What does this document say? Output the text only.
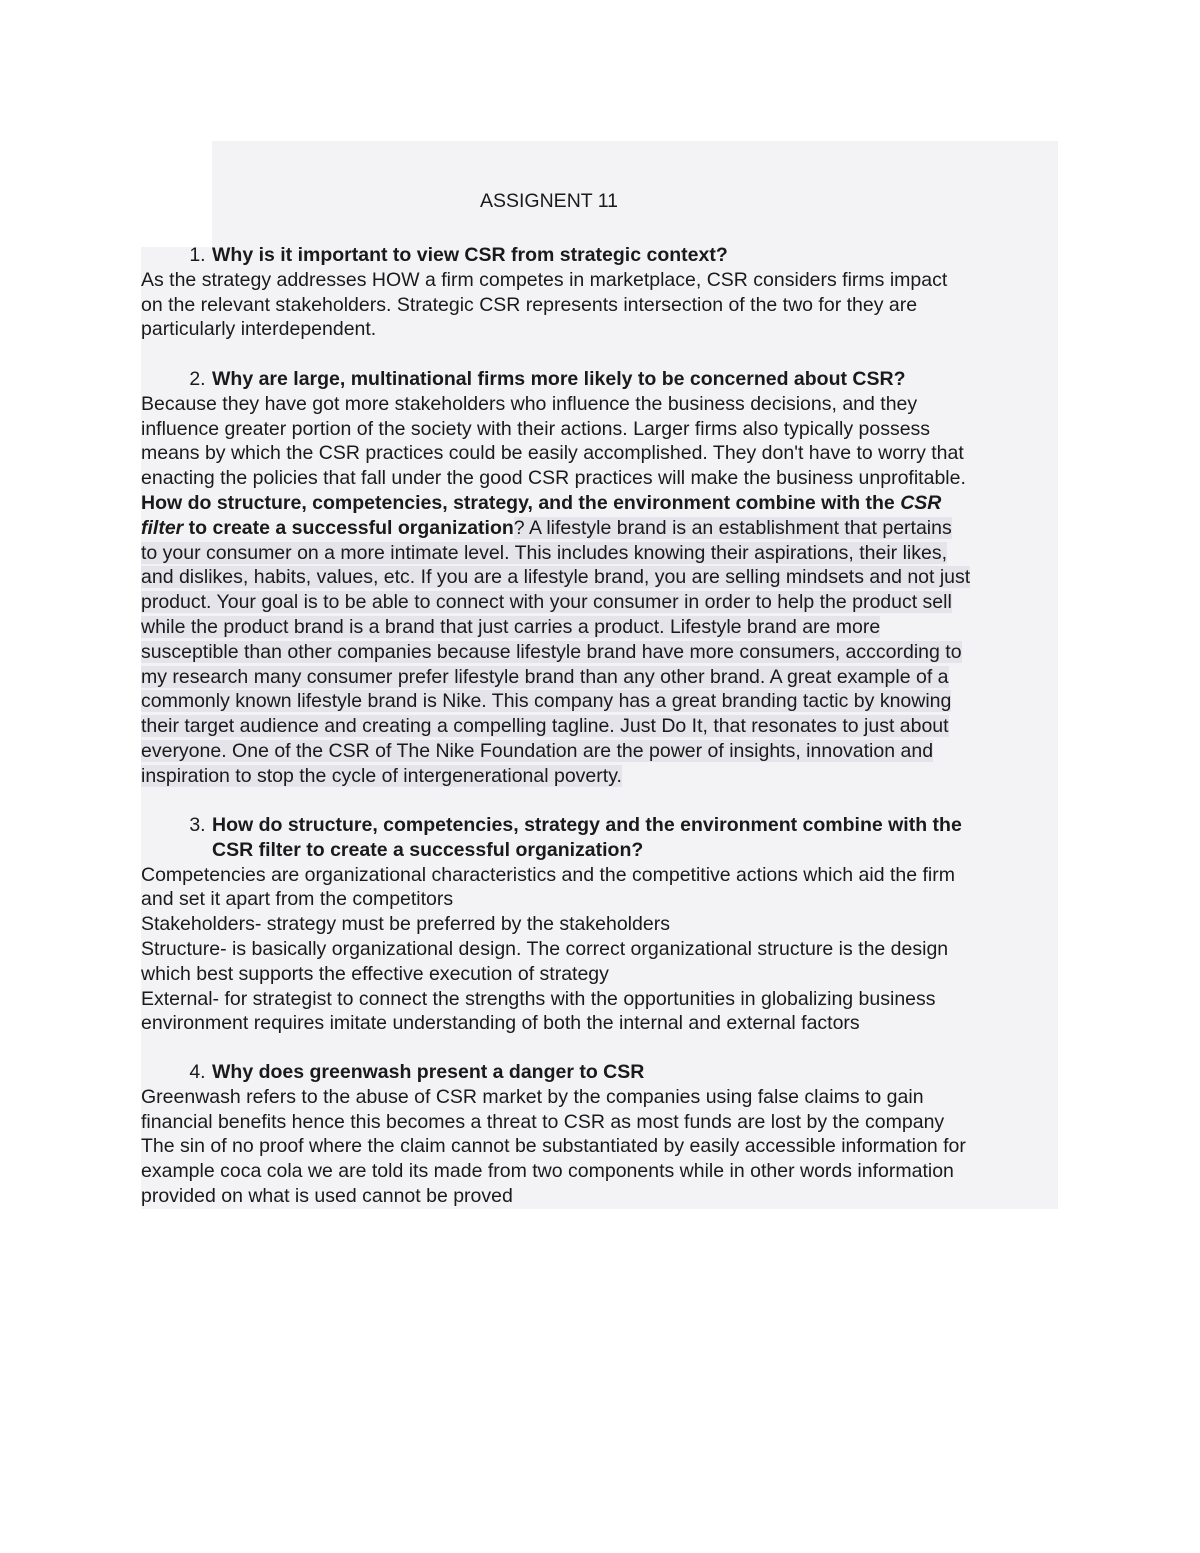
ASSIGNENT 11
1. Why is it important to view CSR from strategic context?
As the strategy addresses HOW a firm competes in marketplace, CSR considers firms impact
on the relevant stakeholders. Strategic CSR represents intersection of the two for they are
particularly interdependent.
2. Why are large, multinational firms more likely to be concerned about CSR?
Because they have got more stakeholders who influence the business decisions, and they
influence greater portion of the society with their actions. Larger firms also typically possess
means by which the CSR practices could be easily accomplished. They don't have to worry that
enacting the policies that fall under the good CSR practices will make the business unprofitable.
How do structure, competencies, strategy, and the environment combine with the CSR
filter to create a successful organization? A lifestyle brand is an establishment that pertains
to your consumer on a more intimate level. This includes knowing their aspirations, their likes,
and dislikes, habits, values, etc. If you are a lifestyle brand, you are selling mindsets and not just
product. Your goal is to be able to connect with your consumer in order to help the product sell
while the product brand is a brand that just carries a product. Lifestyle brand are more
susceptible than other companies because lifestyle brand have more consumers, acccording to
my research many consumer prefer lifestyle brand than any other brand. A great example of a
commonly known lifestyle brand is Nike. This company has a great branding tactic by knowing
their target audience and creating a compelling tagline. Just Do It, that resonates to just about
everyone. One of the CSR of The Nike Foundation are the power of insights, innovation and
inspiration to stop the cycle of intergenerational poverty.
3. How do structure, competencies, strategy and the environment combine with the
CSR filter to create a successful organization?
Competencies are organizational characteristics and the competitive actions which aid the firm
and set it apart from the competitors
Stakeholders- strategy must be preferred by the stakeholders
Structure- is basically organizational design. The correct organizational structure is the design
which best supports the effective execution of strategy
External- for strategist to connect the strengths with the opportunities in globalizing business
environment requires imitate understanding of both the internal and external factors
4. Why does greenwash present a danger to CSR
Greenwash refers to the abuse of CSR market by the companies using false claims to gain
financial benefits hence this becomes a threat to CSR as most funds are lost by the company
The sin of no proof where the claim cannot be substantiated by easily accessible information for
example coca cola we are told its made from two components while in other words information
provided on what is used cannot be proved
